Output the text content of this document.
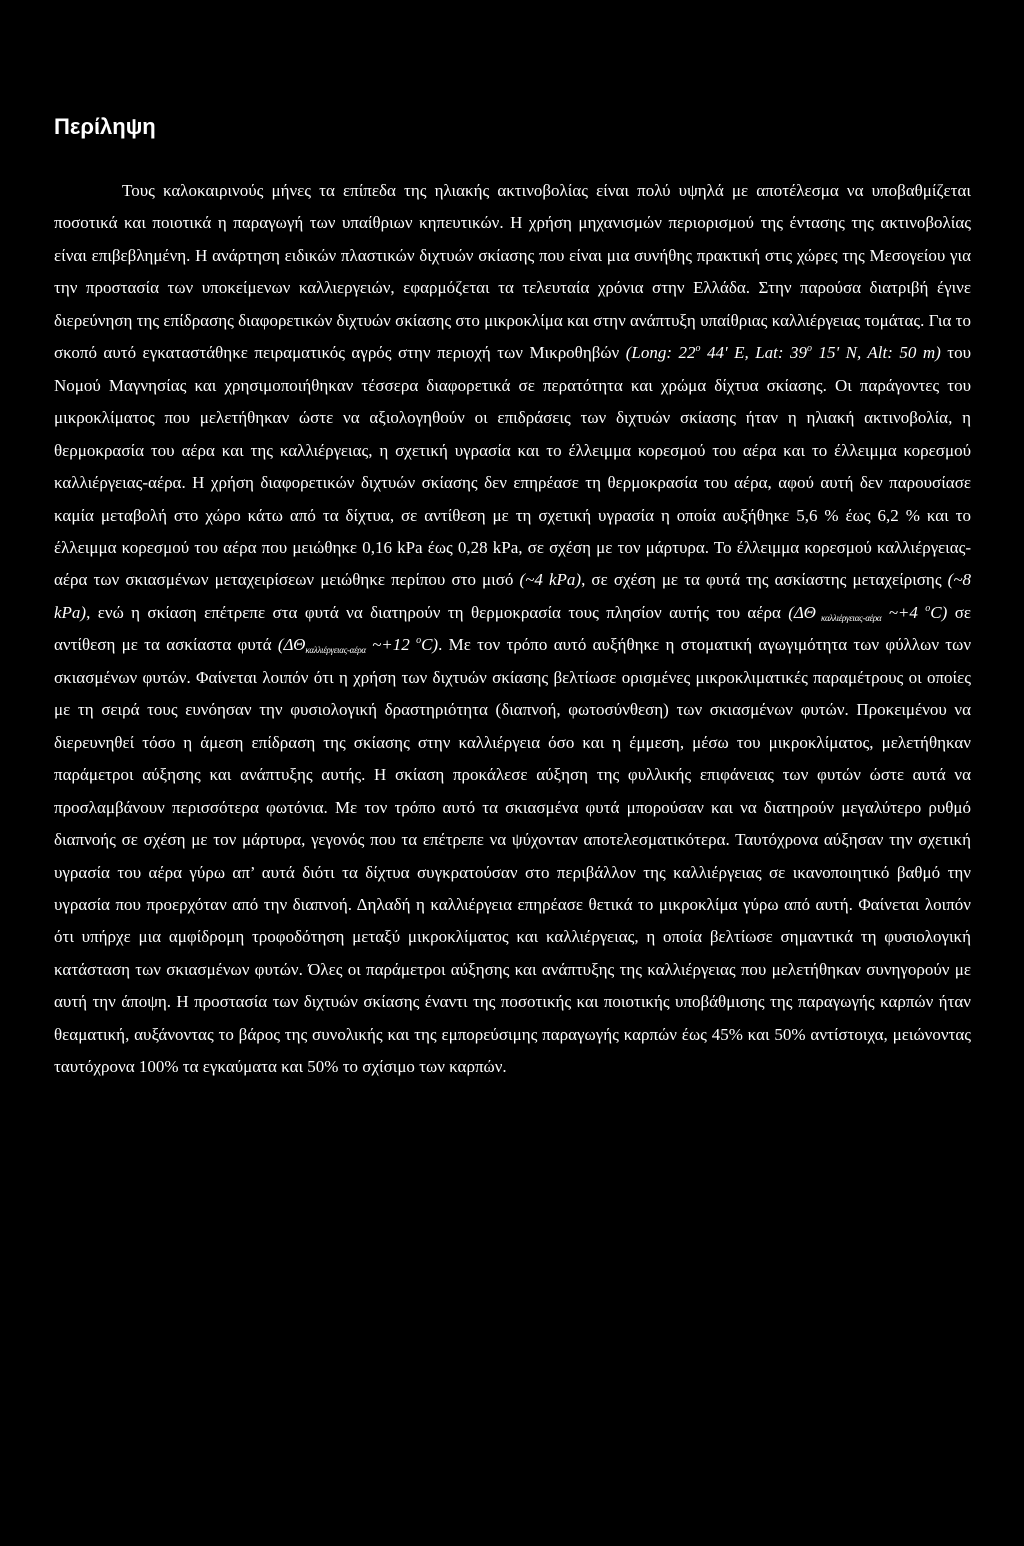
Περίληψη

Τους καλοκαιρινούς μήνες τα επίπεδα της ηλιακής ακτινοβολίας είναι πολύ υψηλά με αποτέλεσμα να υποβαθμίζεται ποσοτικά και ποιοτικά η παραγωγή των υπαίθριων κηπευτικών. Η χρήση μηχανισμών περιορισμού της έντασης της ακτινοβολίας είναι επιβεβλημένη. Η ανάρτηση ειδικών πλαστικών διχτυών σκίασης που είναι μια συνήθης πρακτική στις χώρες της Μεσογείου για την προστασία των υποκείμενων καλλιεργειών, εφαρμόζεται τα τελευταία χρόνια στην Ελλάδα. Στην παρούσα διατριβή έγινε διερεύνηση της επίδρασης διαφορετικών διχτυών σκίασης στο μικροκλίμα και στην ανάπτυξη υπαίθριας καλλιέργειας τομάτας. Για το σκοπό αυτό εγκαταστάθηκε πειραματικός αγρός στην περιοχή των Μικροθηβών (Long: 22$^o$ 44' E, Lat: 39$^o$ 15' N, Alt: 50 m) του Νομού Μαγνησίας και χρησιμοποιήθηκαν τέσσερα διαφορετικά σε περατότητα και χρώμα δίχτυα σκίασης. Οι παράγοντες του μικροκλίματος που μελετήθηκαν ώστε να αξιολογηθούν οι επιδράσεις των διχτυών σκίασης ήταν η ηλιακή ακτινοβολία, η θερμοκρασία του αέρα και της καλλιέργειας, η σχετική υγρασία και το έλλειμμα κορεσμού του αέρα και το έλλειμμα κορεσμού καλλιέργειας-αέρα. Η χρήση διαφορετικών διχτυών σκίασης δεν επηρέασε τη θερμοκρασία του αέρα, αφού αυτή δεν παρουσίασε καμία μεταβολή στο χώρο κάτω από τα δίχτυα, σε αντίθεση με τη σχετική υγρασία η οποία αυξήθηκε 5,6 % έως 6,2 % και το έλλειμμα κορεσμού του αέρα που μειώθηκε 0,16 kPa έως 0,28 kPa, σε σχέση με τον μάρτυρα. Το έλλειμμα κορεσμού καλλιέργειας-αέρα των σκιασμένων μεταχειρίσεων μειώθηκε περίπου στο μισό (~4 kPa), σε σχέση με τα φυτά της ασκίαστης μεταχείρισης (~8 kPa), ενώ η σκίαση επέτρεπε στα φυτά να διατηρούν τη θερμοκρασία τους πλησίον αυτής του αέρα (ΔΘ $_{\kappa\alpha\lambda\lambda\iota έ\rho\gamma\varepsilon\iota\alpha\varsigma-\alpha έ\rho\alpha}$ ~+4 $^o$C) σε αντίθεση με τα ασκίαστα φυτά ($\Delta\Theta_{\kappa\alpha\lambda\lambda\iota έ\rho\gamma\varepsilon\iota\alpha\varsigma-\alpha έ\rho\alpha}$ ~+12 $^o$C). Με τον τρόπο αυτό αυξήθηκε η στοματική αγωγιμότητα των φύλλων των σκιασμένων φυτών. Φαίνεται λοιπόν ότι η χρήση των διχτυών σκίασης βελτίωσε ορισμένες μικροκλιματικές παραμέτρους οι οποίες με τη σειρά τους ευνόησαν την φυσιολογική δραστηριότητα (διαπνοή, φωτοσύνθεση) των σκιασμένων φυτών. Προκειμένου να διερευνηθεί τόσο η άμεση επίδραση της σκίασης στην καλλιέργεια όσο και η έμμεση, μέσω του μικροκλίματος, μελετήθηκαν παράμετροι αύξησης και ανάπτυξης αυτής. Η σκίαση προκάλεσε αύξηση της φυλλικής επιφάνειας των φυτών ώστε αυτά να προσλαμβάνουν περισσότερα φωτόνια. Με τον τρόπο αυτό τα σκιασμένα φυτά μπορούσαν και να διατηρούν μεγαλύτερο ρυθμό διαπνοής σε σχέση με τον μάρτυρα, γεγονός που τα επέτρεπε να ψύχονταν αποτελεσματικότερα. Ταυτόχρονα αύξησαν την σχετική υγρασία του αέρα γύρω απ’ αυτά διότι τα δίχτυα συγκρατούσαν στο περιβάλλον της καλλιέργειας σε ικανοποιητικό βαθμό την υγρασία που προερχόταν από την διαπνοή. Δηλαδή η καλλιέργεια επηρέασε θετικά το μικροκλίμα γύρω από αυτή. Φαίνεται λοιπόν ότι υπήρχε μια αμφίδρομη τροφοδότηση μεταξύ μικροκλίματος και καλλιέργειας, η οποία βελτίωσε σημαντικά τη φυσιολογική κατάσταση των σκιασμένων φυτών. Όλες οι παράμετροι αύξησης και ανάπτυξης της καλλιέργειας που μελετήθηκαν συνηγορούν με αυτή την άποψη. Η προστασία των διχτυών σκίασης έναντι της ποσοτικής και ποιοτικής υποβάθμισης της παραγωγής καρπών ήταν θεαματική, αυξάνοντας το βάρος της συνολικής και της εμπορεύσιμης παραγωγής καρπών έως 45% και 50% αντίστοιχα, μειώνοντας ταυτόχρονα 100% τα εγκαύματα και 50% το σχίσιμο των καρπών.
